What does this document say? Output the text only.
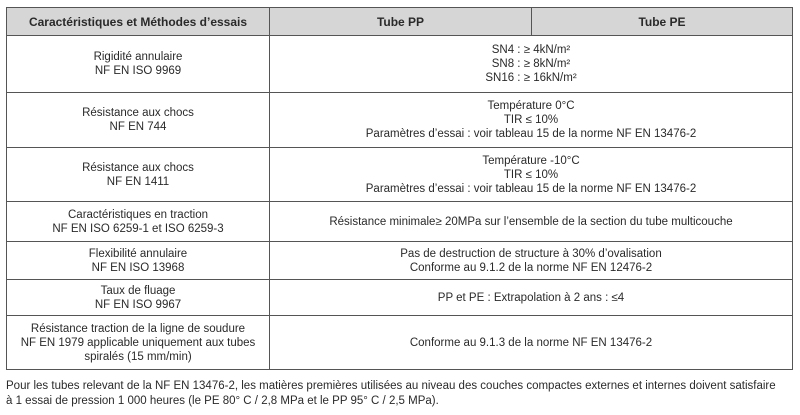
Caractéristiques et Méthodes d’essais	Tube PP	Tube PE

Rigidité annulaire
NF EN ISO 9969	SN4 : ≥ 4kN/m²
SN8 : ≥ 8kN/m²
SN16 : ≥ 16kN/m²	

Résistance aux chocs
NF EN 744	Température 0°C
TIR ≤ 10%
Paramètres d’essai : voir tableau 15 de la norme NF EN 13476-2	

Résistance aux chocs
NF EN 1411	Température -10°C
TIR ≤ 10%
Paramètres d’essai : voir tableau 15 de la norme NF EN 13476-2	

Caractéristiques en traction
NF EN ISO 6259-1 et ISO 6259-3	Résistance minimale≥ 20MPa sur l’ensemble de la section du tube multicouche	

Flexibilité annulaire
NF EN ISO 13968	Pas de destruction de structure à 30% d’ovalisation
Conforme au 9.1.2 de la norme NF EN 12476-2	

Taux de fluage
NF EN ISO 9967	PP et PE : Extrapolation à 2 ans : ≤4	

Résistance traction de la ligne de soudure
NF EN 1979 applicable uniquement aux tubes
spiralés (15 mm/min)	Conforme au 9.1.3 de la norme NF EN 13476-2	
Pour les tubes relevant de la NF EN 13476-2, les matières premières utilisées au niveau des couches compactes externes et internes doivent satisfaire
à 1 essai de pression 1 000 heures (le PE 80° C / 2,8 MPa et le PP 95° C / 2,5 MPa).
